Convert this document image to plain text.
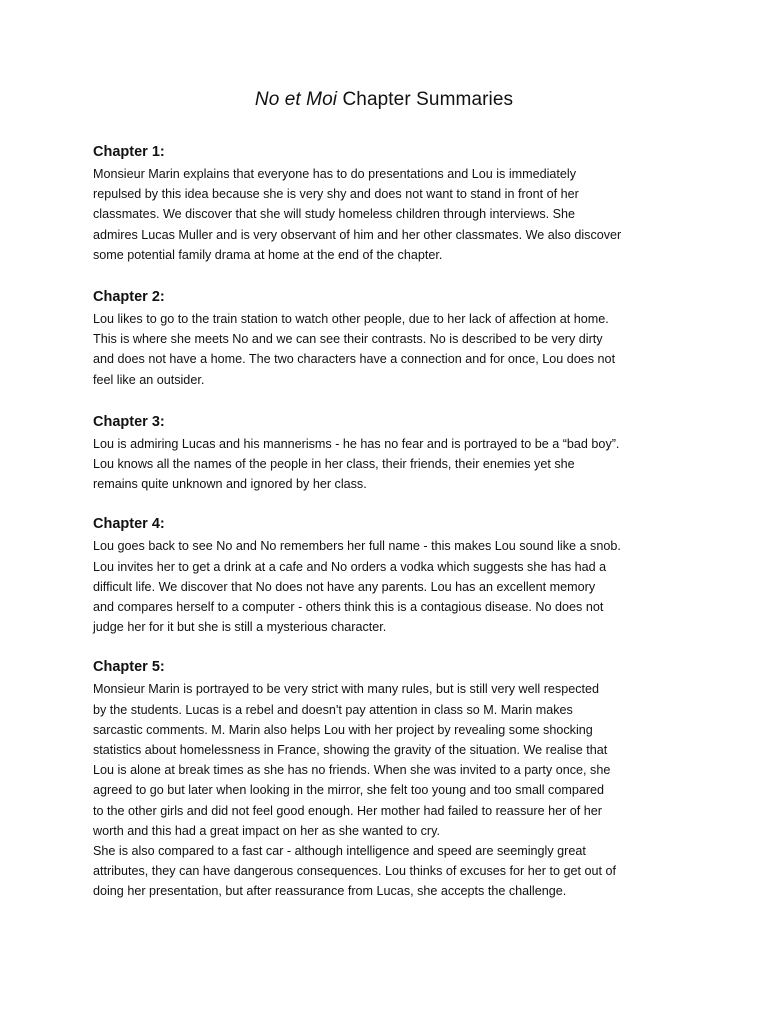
No et Moi Chapter Summaries
Chapter 1:

Monsieur Marin explains that everyone has to do presentations and Lou is immediately
repulsed by this idea because she is very shy and does not want to stand in front of her
classmates. We discover that she will study homeless children through interviews. She
admires Lucas Muller and is very observant of him and her other classmates. We also discover
some potential family drama at home at the end of the chapter.

Chapter 2:

Lou likes to go to the train station to watch other people, due to her lack of affection at home.
This is where she meets No and we can see their contrasts. No is described to be very dirty
and does not have a home. The two characters have a connection and for once, Lou does not
feel like an outsider.

Chapter 3:

Lou is admiring Lucas and his mannerisms - he has no fear and is portrayed to be a “bad boy”.
Lou knows all the names of the people in her class, their friends, their enemies yet she
remains quite unknown and ignored by her class.

Chapter 4:

Lou goes back to see No and No remembers her full name - this makes Lou sound like a snob.
Lou invites her to get a drink at a cafe and No orders a vodka which suggests she has had a
difficult life. We discover that No does not have any parents. Lou has an excellent memory
and compares herself to a computer - others think this is a contagious disease. No does not
judge her for it but she is still a mysterious character.

Chapter 5:

Monsieur Marin is portrayed to be very strict with many rules, but is still very well respected
by the students. Lucas is a rebel and doesn't pay attention in class so M. Marin makes
sarcastic comments. M. Marin also helps Lou with her project by revealing some shocking
statistics about homelessness in France, showing the gravity of the situation. We realise that
Lou is alone at break times as she has no friends. When she was invited to a party once, she
agreed to go but later when looking in the mirror, she felt too young and too small compared
to the other girls and did not feel good enough. Her mother had failed to reassure her of her
worth and this had a great impact on her as she wanted to cry.
She is also compared to a fast car - although intelligence and speed are seemingly great
attributes, they can have dangerous consequences. Lou thinks of excuses for her to get out of
doing her presentation, but after reassurance from Lucas, she accepts the challenge.
